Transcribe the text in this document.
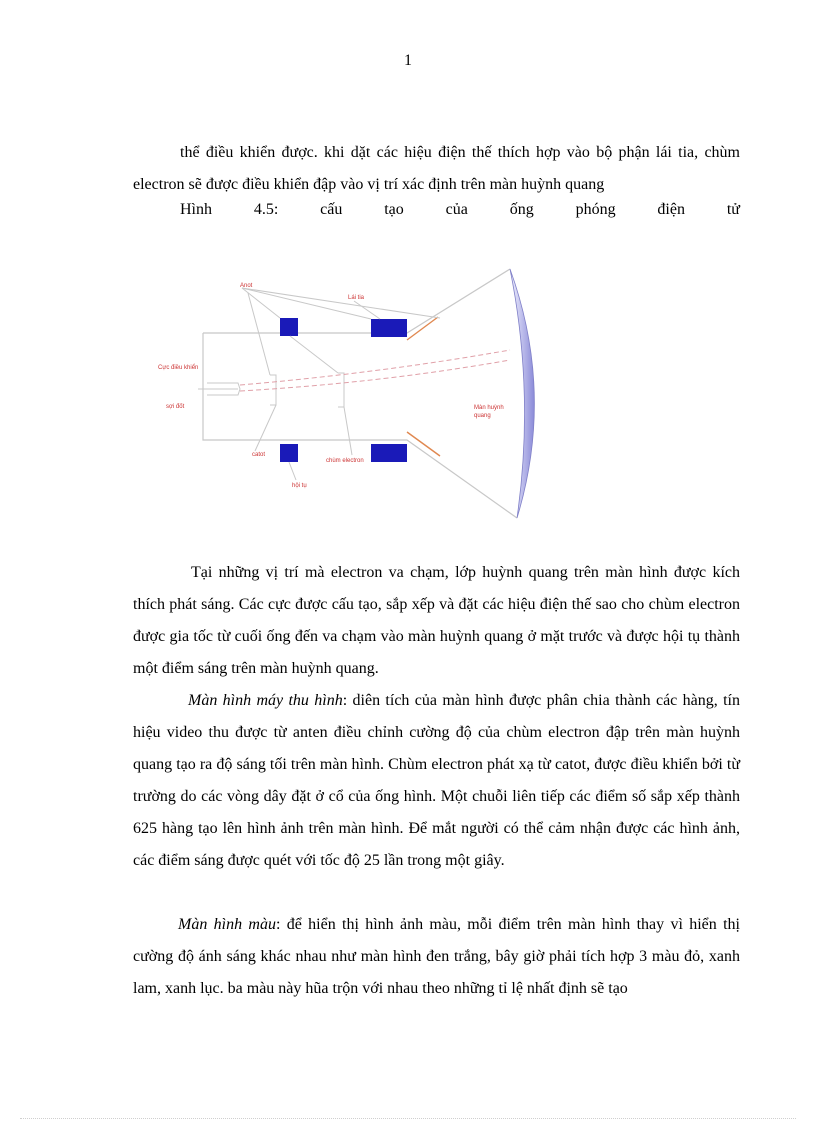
1
thể điều khiển được. khi dặt các hiệu điện thế thích hợp vào bộ phận lái tia, chùm electron sẽ được điều khiển đập vào vị trí xác định trên màn huỳnh quang
Hình	4.5:	cấu	tạo	của	ống	phóng	điện	tử
Anot
Lái tia
Cực điều khiển
sợi đốt
catot
chùm electron
hội tụ
Màn huỳnh
quang
Tại những vị trí mà electron va chạm, lớp huỳnh quang trên màn hình được kích thích phát sáng. Các cực được cấu tạo, sắp xếp và đặt các hiệu điện thế sao cho chùm electron được gia tốc từ cuối ống đến va chạm vào màn huỳnh quang ở mặt trước và được hội tụ thành một điểm sáng trên màn huỳnh quang.
Màn hình máy thu hình: diên tích của màn hình được phân chia thành các hàng, tín hiệu video thu được từ anten điều chỉnh cường độ của chùm electron đập trên màn huỳnh quang tạo ra độ sáng tối trên màn hình. Chùm electron phát xạ từ catot, được điều khiển bởi từ trường do các vòng dây đặt ở cổ của ống hình. Một chuỗi liên tiếp các điểm số sắp xếp thành 625 hàng tạo lên hình ảnh trên màn hình. Để mắt người có thể cảm nhận được các hình ảnh, các điểm sáng được quét với tốc độ 25 lần trong một giây.
Màn hình màu: để hiển thị hình ảnh màu, mỗi điểm trên màn hình thay vì hiển thị cường độ ánh sáng khác nhau như màn hình đen trắng, bây giờ phải tích hợp 3 màu đỏ, xanh lam, xanh lục. ba màu này hũa trộn với nhau theo những tỉ lệ nhất định sẽ tạo
